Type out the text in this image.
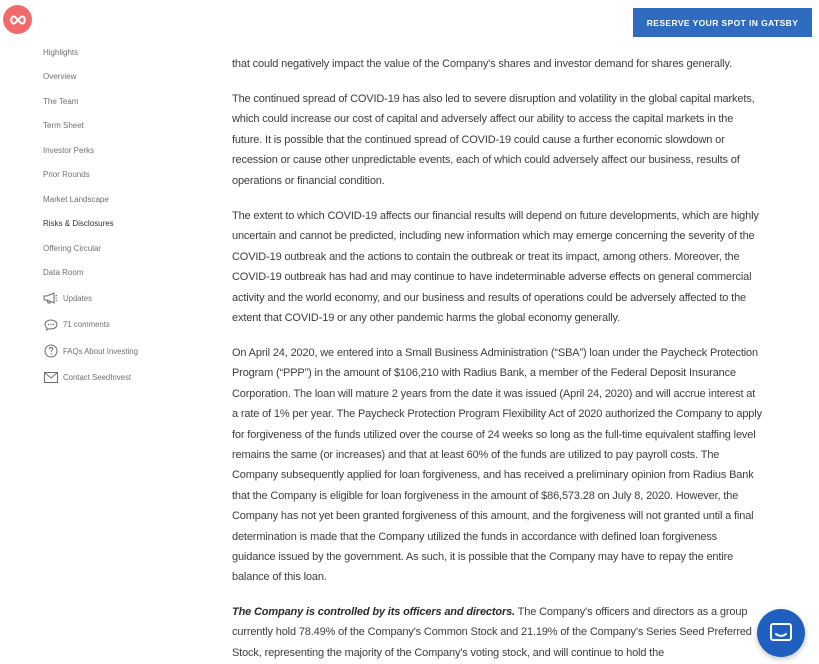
RESERVE YOUR SPOT IN GATSBY
Highlights
Overview
The Team
Term Sheet
Investor Perks
Prior Rounds
Market Landscape
Risks & Disclosures
Offering Circular
Data Room
Updates
71 comments
FAQs About Investing
Contact SeedInvest

that could negatively impact the value of the Company's shares and investor demand for shares generally.

The continued spread of COVID-19 has also led to severe disruption and volatility in the global capital markets, which could increase our cost of capital and adversely affect our ability to access the capital markets in the future. It is possible that the continued spread of COVID-19 could cause a further economic slowdown or recession or cause other unpredictable events, each of which could adversely affect our business, results of operations or financial condition.

The extent to which COVID-19 affects our financial results will depend on future developments, which are highly uncertain and cannot be predicted, including new information which may emerge concerning the severity of the COVID-19 outbreak and the actions to contain the outbreak or treat its impact, among others. Moreover, the COVID-19 outbreak has had and may continue to have indeterminable adverse effects on general commercial activity and the world economy, and our business and results of operations could be adversely affected to the extent that COVID-19 or any other pandemic harms the global economy generally.

On April 24, 2020, we entered into a Small Business Administration (“SBA”) loan under the Paycheck Protection Program (“PPP”) in the amount of $106,210 with Radius Bank, a member of the Federal Deposit Insurance Corporation. The loan will mature 2 years from the date it was issued (April 24, 2020) and will accrue interest at a rate of 1% per year. The Paycheck Protection Program Flexibility Act of 2020 authorized the Company to apply for forgiveness of the funds utilized over the course of 24 weeks so long as the full-time equivalent staffing level remains the same (or increases) and that at least 60% of the funds are utilized to pay payroll costs. The Company subsequently applied for loan forgiveness, and has received a preliminary opinion from Radius Bank that the Company is eligible for loan forgiveness in the amount of $86,573.28 on July 8, 2020. However, the Company has not yet been granted forgiveness of this amount, and the forgiveness will not granted until a final determination is made that the Company utilized the funds in accordance with defined loan forgiveness guidance issued by the government. As such, it is possible that the Company may have to repay the entire balance of this loan.

The Company is controlled by its officers and directors. The Company's officers and directors as a group currently hold 78.49% of the Company's Common Stock and 21.19% of the Company's Series Seed Preferred Stock, representing the majority of the Company's voting stock, and will continue to hold the
